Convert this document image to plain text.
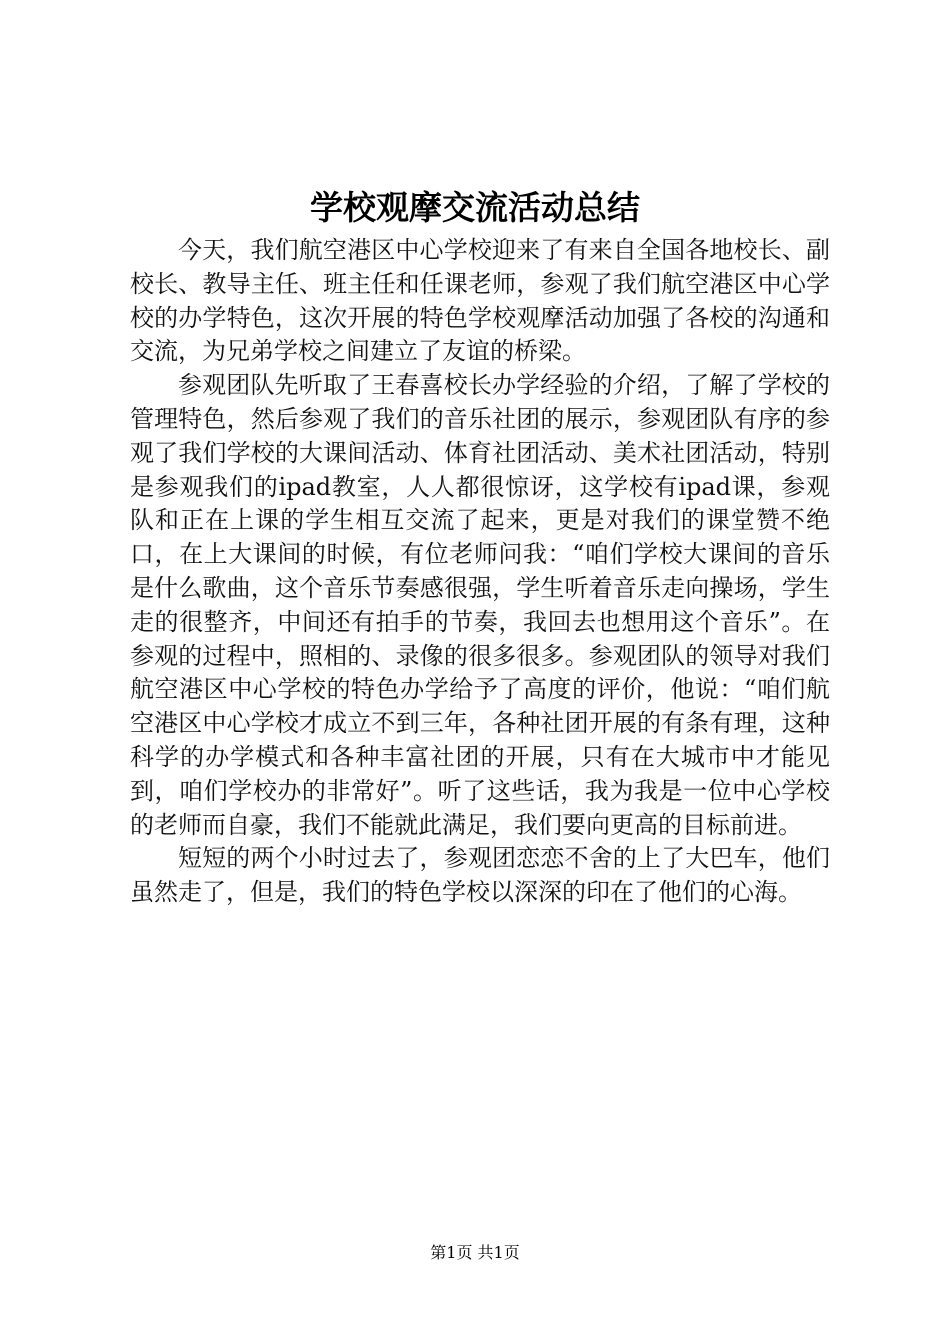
学校观摩交流活动总结

今天，我们航空港区中心学校迎来了有来自全国各地校长、副校长、教导主任、班主任和任课老师，参观了我们航空港区中心学校的办学特色，这次开展的特色学校观摩活动加强了各校的沟通和交流，为兄弟学校之间建立了友谊的桥梁。

参观团队先听取了王春喜校长办学经验的介绍，了解了学校的管理特色，然后参观了我们的音乐社团的展示，参观团队有序的参观了我们学校的大课间活动、体育社团活动、美术社团活动，特别是参观我们的ipad教室，人人都很惊讶，这学校有ipad课，参观队和正在上课的学生相互交流了起来，更是对我们的课堂赞不绝口，在上大课间的时候，有位老师问我：“咱们学校大课间的音乐是什么歌曲，这个音乐节奏感很强，学生听着音乐走向操场，学生走的很整齐，中间还有拍手的节奏，我回去也想用这个音乐”。在参观的过程中，照相的、录像的很多很多。参观团队的领导对我们航空港区中心学校的特色办学给予了高度的评价，他说：“咱们航空港区中心学校才成立不到三年，各种社团开展的有条有理，这种科学的办学模式和各种丰富社团的开展，只有在大城市中才能见到，咱们学校办的非常好”。听了这些话，我为我是一位中心学校的老师而自豪，我们不能就此满足，我们要向更高的目标前进。

短短的两个小时过去了，参观团恋恋不舍的上了大巴车，他们虽然走了，但是，我们的特色学校以深深的印在了他们的心海。

第1页 共1页
